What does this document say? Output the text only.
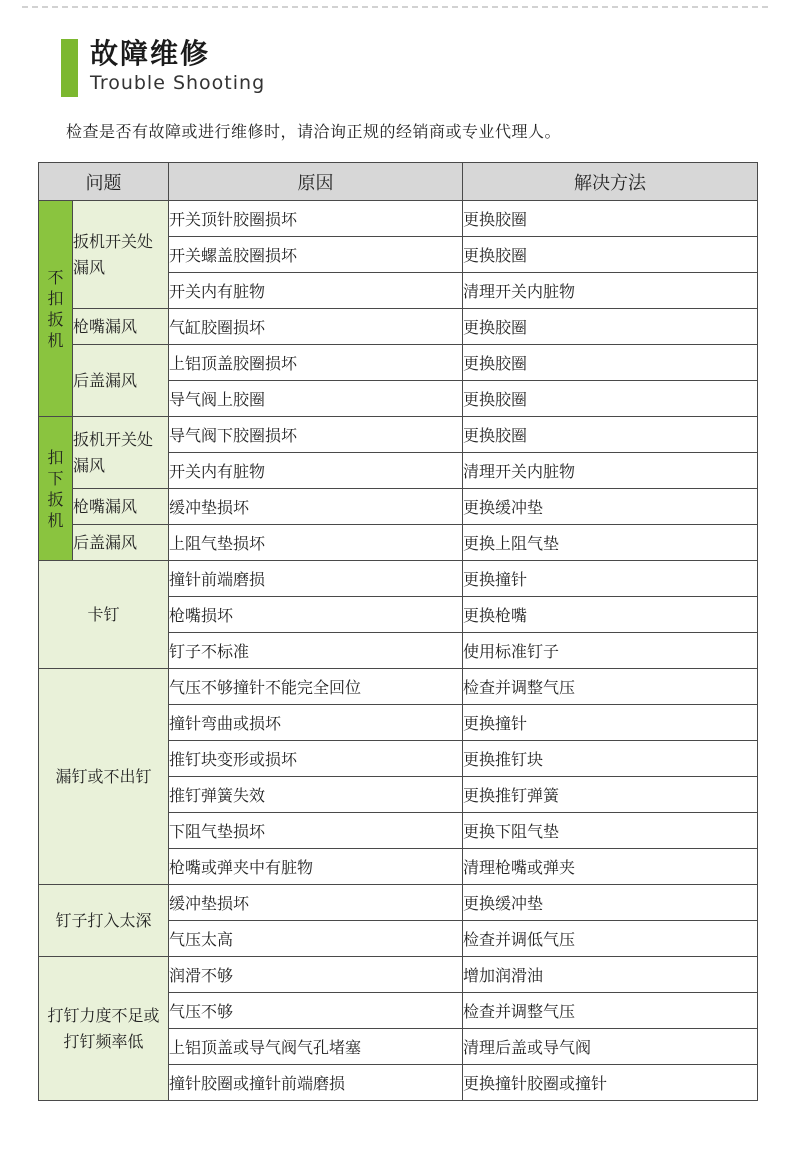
故障维修
Trouble Shooting
检查是否有故障或进行维修时，请洽询正规的经销商或专业代理人。
问题		原因	解决方法
不扣扳机	扳机开关处漏风	开关顶针胶圈损坏	更换胶圈
		开关螺盖胶圈损坏	更换胶圈
		开关内有脏物	清理开关内脏物
	枪嘴漏风	气缸胶圈损坏	更换胶圈
	后盖漏风	上铝顶盖胶圈损坏	更换胶圈
		导气阀上胶圈	更换胶圈
扣下扳机	扳机开关处漏风	导气阀下胶圈损坏	更换胶圈
		开关内有脏物	清理开关内脏物
	枪嘴漏风	缓冲垫损坏	更换缓冲垫
	后盖漏风	上阻气垫损坏	更换上阻气垫
卡钉		撞针前端磨损	更换撞针
		枪嘴损坏	更换枪嘴
		钉子不标准	使用标准钉子
漏钉或不出钉		气压不够撞针不能完全回位	检查并调整气压
		撞针弯曲或损坏	更换撞针
		推钉块变形或损坏	更换推钉块
		推钉弹簧失效	更换推钉弹簧
		下阻气垫损坏	更换下阻气垫
		枪嘴或弹夹中有脏物	清理枪嘴或弹夹
钉子打入太深		缓冲垫损坏	更换缓冲垫
		气压太高	检查并调低气压

打钉力度不足或打钉频率低		润滑不够	增加润滑油
		气压不够	检查并调整气压
		上铝顶盖或导气阀气孔堵塞	清理后盖或导气阀
		撞针胶圈或撞针前端磨损	更换撞针胶圈或撞针
